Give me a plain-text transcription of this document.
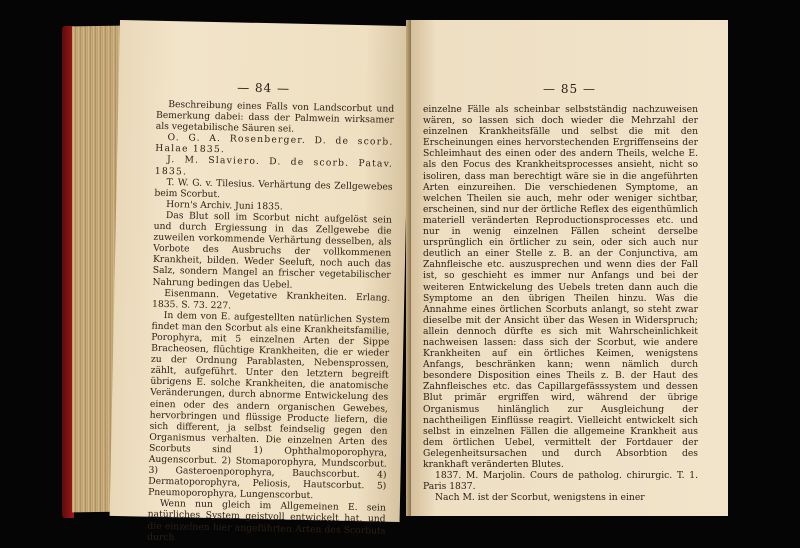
— 84 —

Beschreibung eines Falls von Landscorbut und Bemerkung dabei: dass der Palmwein wirksamer als vegetabilische Säuren sei.

O. G. A. Rosenberger. D. de scorb. Halae 1835.

J. M. Slaviero. D. de scorb. Patav. 1835.

T. W. G. v. Tilesius. Verhärtung des Zellgewebes beim Scorbut.

Horn's Archiv. Juni 1835.

Das Blut soll im Scorbut nicht aufgelöst sein und durch Ergiessung in das Zellgewebe die zuweilen vorkommende Verhärtung desselben, als Vorbote des Ausbruchs der vollkommenen Krankheit, bilden. Weder Seeluft, noch auch das Salz, sondern Mangel an frischer vegetabilischer Nahrung bedingen das Uebel.

Eisenmann. Vegetative Krankheiten. Erlang. 1835. S. 73. 227.

In dem von E. aufgestellten natürlichen System findet man den Scorbut als eine Krankheitsfamilie, Porophyra, mit 5 einzelnen Arten der Sippe Bracheosen, flüchtige Krankheiten, die er wieder zu der Ordnung Parablasten, Nebensprossen, zählt, aufgeführt. Unter den letztern begreift übrigens E. solche Krankheiten, die anatomische Veränderungen, durch abnorme Entwickelung des einen oder des andern organischen Gewebes, hervorbringen und flüssige Producte liefern, die sich different, ja selbst feindselig gegen den Organismus verhalten. Die einzelnen Arten des Scorbuts sind 1) Ophthalmoporophyra, Augenscorbut. 2) Stomaporophyra, Mundscorbut. 3) Gasteroenporophyra, Bauchscorbut. 4) Dermatoporophyra, Peliosis, Hautscorbut. 5) Pneumoporophyra, Lungenscorbut.

Wenn nun gleich im Allgemeinen E. sein natürliches System geistvoll entwickelt hat, und die einzelnen hier angeführten Arten des Scorbuts durch

— 85 —

einzelne Fälle als scheinbar selbstständig nachzuweisen wären, so lassen sich doch wieder die Mehrzahl der einzelnen Krankheitsfälle und selbst die mit den Erscheinungen eines hervorstechenden Ergriffenseins der Schleimhaut des einen oder des andern Theils, welche E. als den Focus des Krankheitsprocesses ansieht, nicht so isoliren, dass man berechtigt wäre sie in die angeführten Arten einzureihen. Die verschiedenen Symptome, an welchen Theilen sie auch, mehr oder weniger sichtbar, erscheinen, sind nur der örtliche Reflex des eigenthümlich materiell veränderten Reproductionsprocesses etc. und nur in wenig einzelnen Fällen scheint derselbe ursprünglich ein örtlicher zu sein, oder sich auch nur deutlich an einer Stelle z. B. an der Conjunctiva, am Zahnfleische etc. auszusprechen und wenn dies der Fall ist, so geschieht es immer nur Anfangs und bei der weiteren Entwickelung des Uebels treten dann auch die Symptome an den übrigen Theilen hinzu. Was die Annahme eines örtlichen Scorbuts anlangt, so steht zwar dieselbe mit der Ansicht über das Wesen in Widerspruch; allein dennoch dürfte es sich mit Wahrscheinlichkeit nachweisen lassen: dass sich der Scorbut, wie andere Krankheiten auf ein örtliches Keimen, wenigstens Anfangs, beschränken kann; wenn nämlich durch besondere Disposition eines Theils z. B. der Haut des Zahnfleisches etc. das Capillargefässsystem und dessen Blut primär ergriffen wird, während der übrige Organismus hinlänglich zur Ausgleichung der nachtheiligen Einflüsse reagirt. Vielleicht entwickelt sich selbst in einzelnen Fällen die allgemeine Krankheit aus dem örtlichen Uebel, vermittelt der Fortdauer der Gelegenheitsursachen und durch Absorbtion des krankhaft veränderten Blutes.

1837. M. Marjolin. Cours de patholog. chirurgic. T. 1. Paris 1837.

Nach M. ist der Scorbut, wenigstens in einer
